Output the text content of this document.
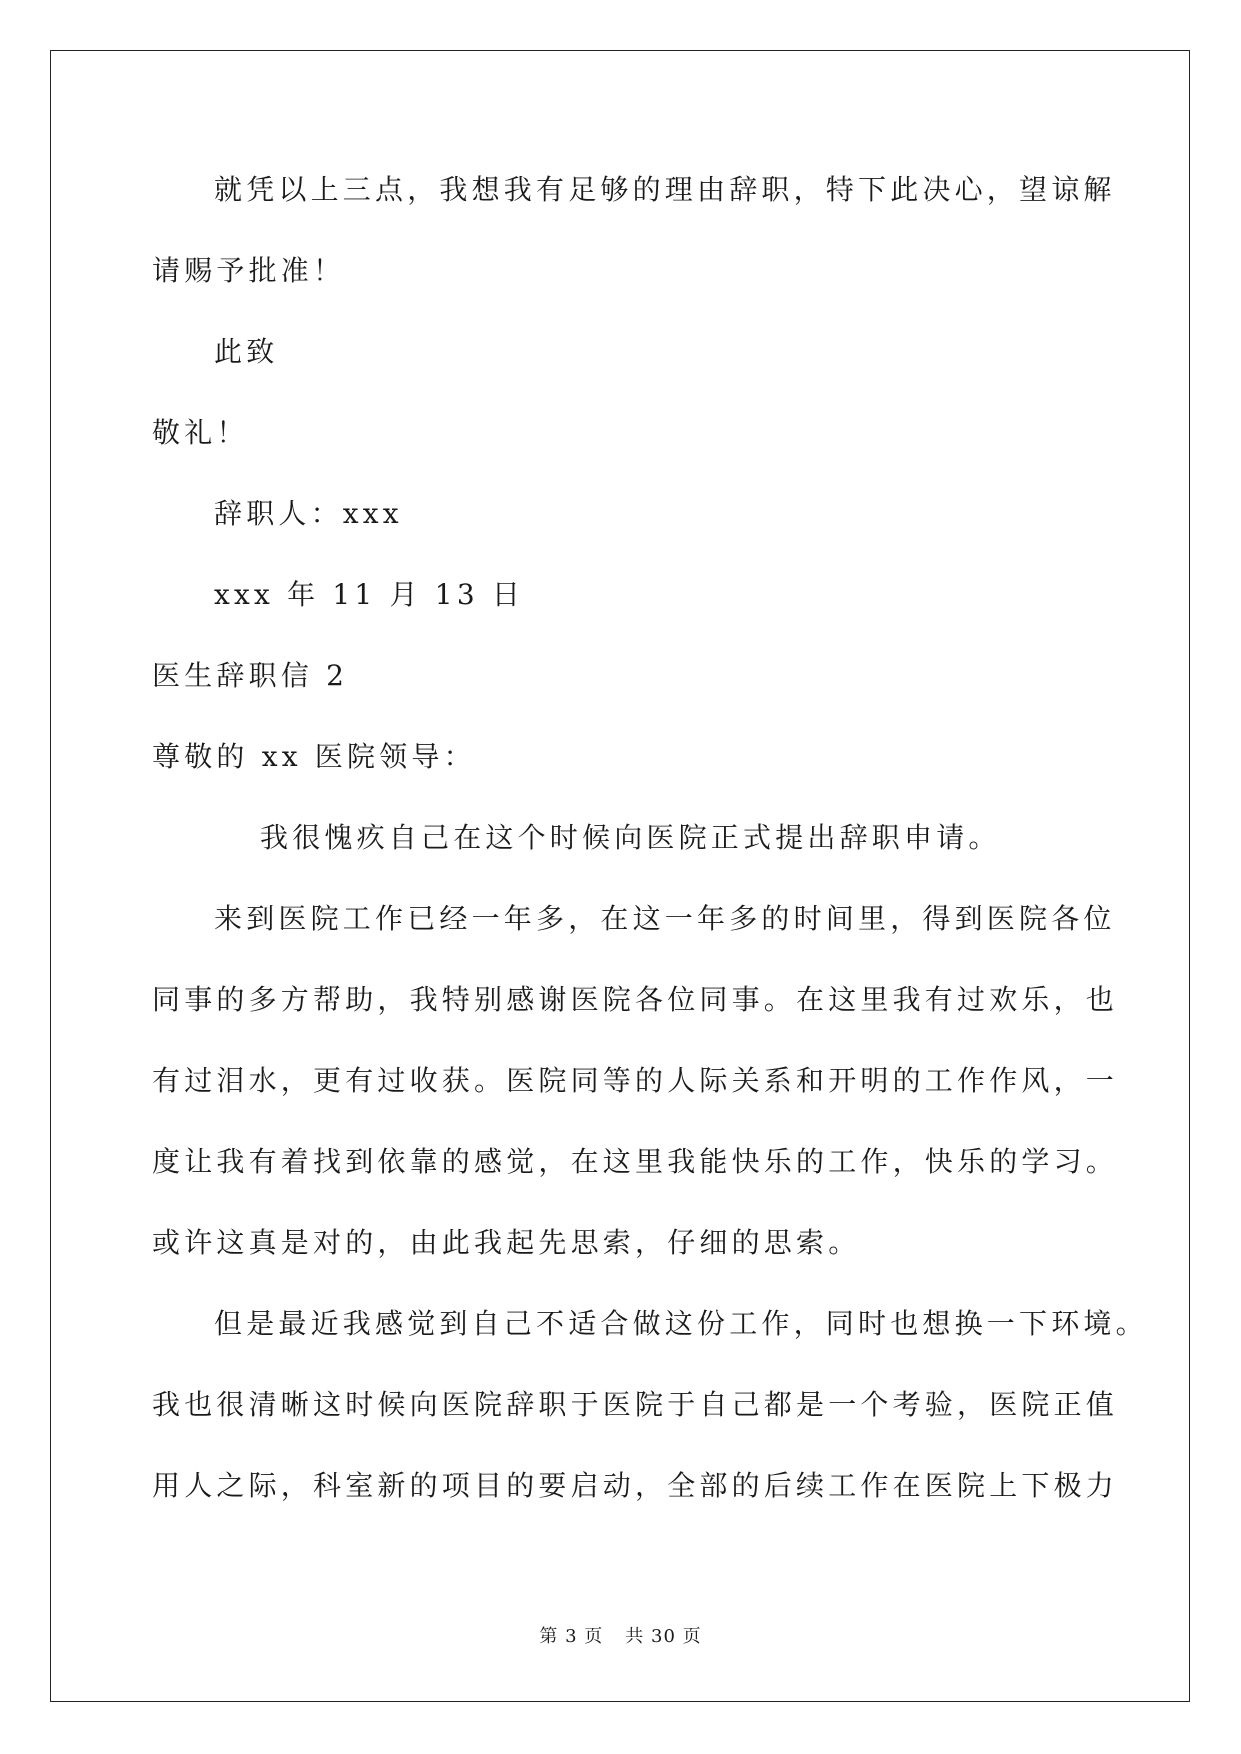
就凭以上三点，我想我有足够的理由辞职，特下此决心，望谅解
请赐予批准！
此致
敬礼！
辞职人：xxx
xxx 年 11 月 13 日
医生辞职信 2
尊敬的 xx 医院领导：
我很愧疚自己在这个时候向医院正式提出辞职申请。
来到医院工作已经一年多，在这一年多的时间里，得到医院各位
同事的多方帮助，我特别感谢医院各位同事。在这里我有过欢乐，也
有过泪水，更有过收获。医院同等的人际关系和开明的工作作风，一
度让我有着找到依靠的感觉，在这里我能快乐的工作，快乐的学习。
或许这真是对的，由此我起先思索，仔细的思索。
但是最近我感觉到自己不适合做这份工作，同时也想换一下环境。
我也很清晰这时候向医院辞职于医院于自己都是一个考验，医院正值
用人之际，科室新的项目的要启动，全部的后续工作在医院上下极力
第 3 页 共 30 页
